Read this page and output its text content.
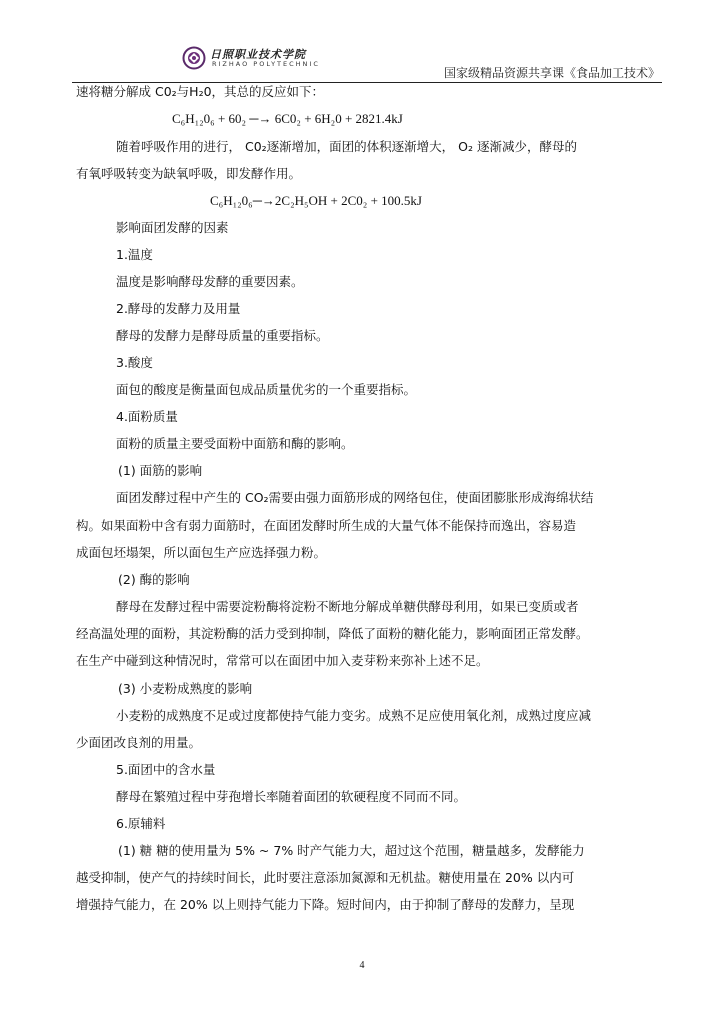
日照职业技术学院
RIZHAO POLYTECHNIC
国家级精品资源共享课《食品加工技术》
速将糖分解成 C0₂与H₂0，其总的反应如下：
C₆H₁₂0₆ + 60₂ ─→ 6C0₂ + 6H₂0 + 2821.4kJ
随着呼吸作用的进行， C0₂逐渐增加，面团的体积逐渐增大， O₂ 逐渐减少，酵母的
有氧呼吸转变为缺氧呼吸，即发酵作用。
C₆H₁₂0₆─→2C₂H₅OH + 2C0₂ + 100.5kJ
影响面团发酵的因素
1.温度
温度是影响酵母发酵的重要因素。
2.酵母的发酵力及用量
酵母的发酵力是酵母质量的重要指标。
3.酸度
面包的酸度是衡量面包成品质量优劣的一个重要指标。
4.面粉质量
面粉的质量主要受面粉中面筋和酶的影响。
(1) 面筋的影响
面团发酵过程中产生的 CO₂需要由强力面筋形成的网络包住，使面团膨胀形成海绵状结
构。如果面粉中含有弱力面筋时，在面团发酵时所生成的大量气体不能保持而逸出，容易造
成面包坯塌架，所以面包生产应选择强力粉。
(2) 酶的影响
酵母在发酵过程中需要淀粉酶将淀粉不断地分解成单糖供酵母利用，如果已变质或者
经高温处理的面粉，其淀粉酶的活力受到抑制，降低了面粉的糖化能力，影响面团正常发酵。
在生产中碰到这种情况时，常常可以在面团中加入麦芽粉来弥补上述不足。
(3) 小麦粉成熟度的影响
小麦粉的成熟度不足或过度都使持气能力变劣。成熟不足应使用氧化剂，成熟过度应减
少面团改良剂的用量。
5.面团中的含水量
酵母在繁殖过程中芽孢增长率随着面团的软硬程度不同而不同。
6.原辅料
(1) 糖 糖的使用量为 5% ~ 7% 时产气能力大，超过这个范围，糖量越多，发酵能力
越受抑制，使产气的持续时间长，此时要注意添加氮源和无机盐。糖使用量在 20% 以内可
增强持气能力，在 20% 以上则持气能力下降。短时间内，由于抑制了酵母的发酵力，呈现
4
